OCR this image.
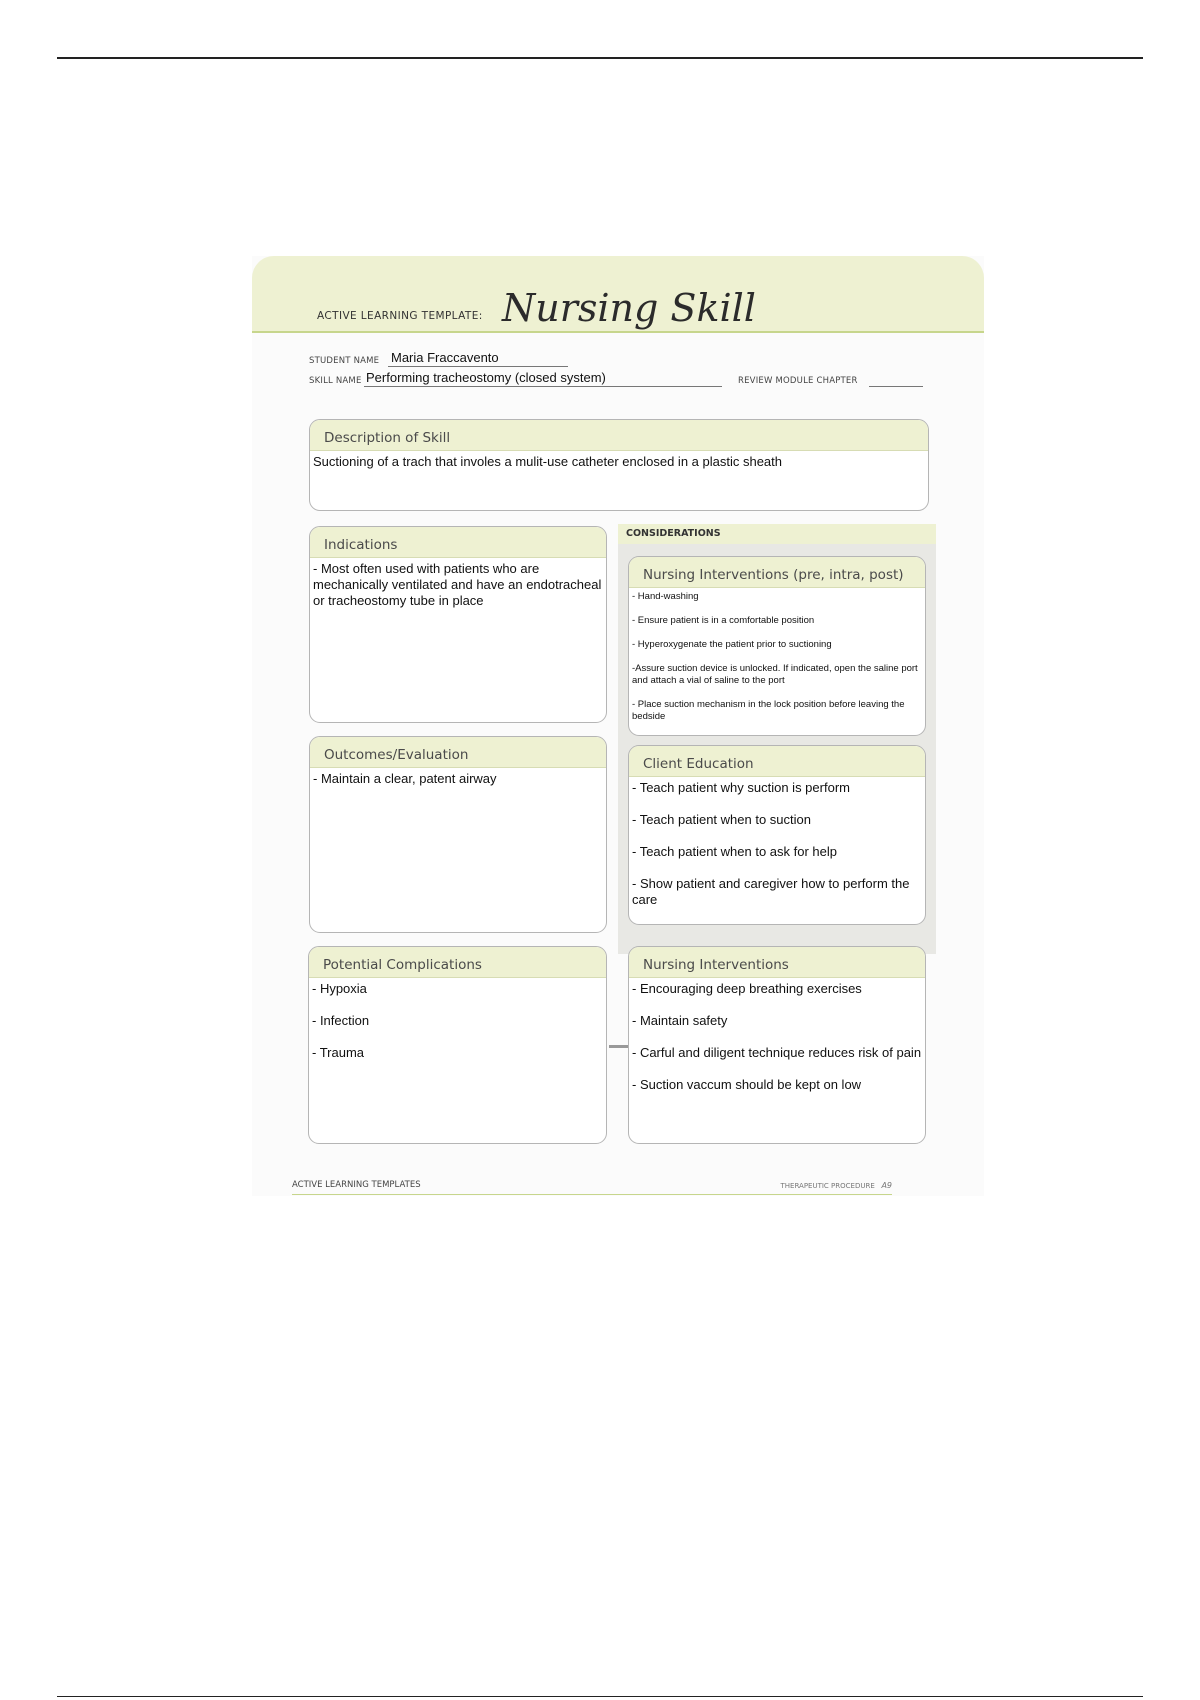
ACTIVE LEARNING TEMPLATE: Nursing Skill
STUDENT NAME Maria Fraccavento
SKILL NAME Performing tracheostomy (closed system)	REVIEW MODULE CHAPTER
Description of Skill

Suctioning of a trach that involes a mulit-use catheter enclosed in a plastic sheath

Indications

- Most often used with patients who are mechanically ventilated and have an endotracheal or tracheostomy tube in place

CONSIDERATIONS
Nursing Interventions (pre, intra, post)

- Hand-washing

- Ensure patient is in a comfortable position

- Hyperoxygenate the patient prior to suctioning

-Assure suction device is unlocked. If indicated, open the saline port and attach a vial of saline to the port

- Place suction mechanism in the lock position before leaving the bedside

Outcomes/Evaluation

- Maintain a clear, patent airway

Client Education

- Teach patient why suction is perform

- Teach patient when to suction

- Teach patient when to ask for help

- Show patient and caregiver how to perform the care

Potential Complications

- Hypoxia

- Infection

- Trauma

Nursing Interventions

- Encouraging deep breathing exercises

- Maintain safety

- Carful and diligent technique reduces risk of pain

- Suction vaccum should be kept on low

ACTIVE LEARNING TEMPLATES	THERAPEUTIC PROCEDURE A9
